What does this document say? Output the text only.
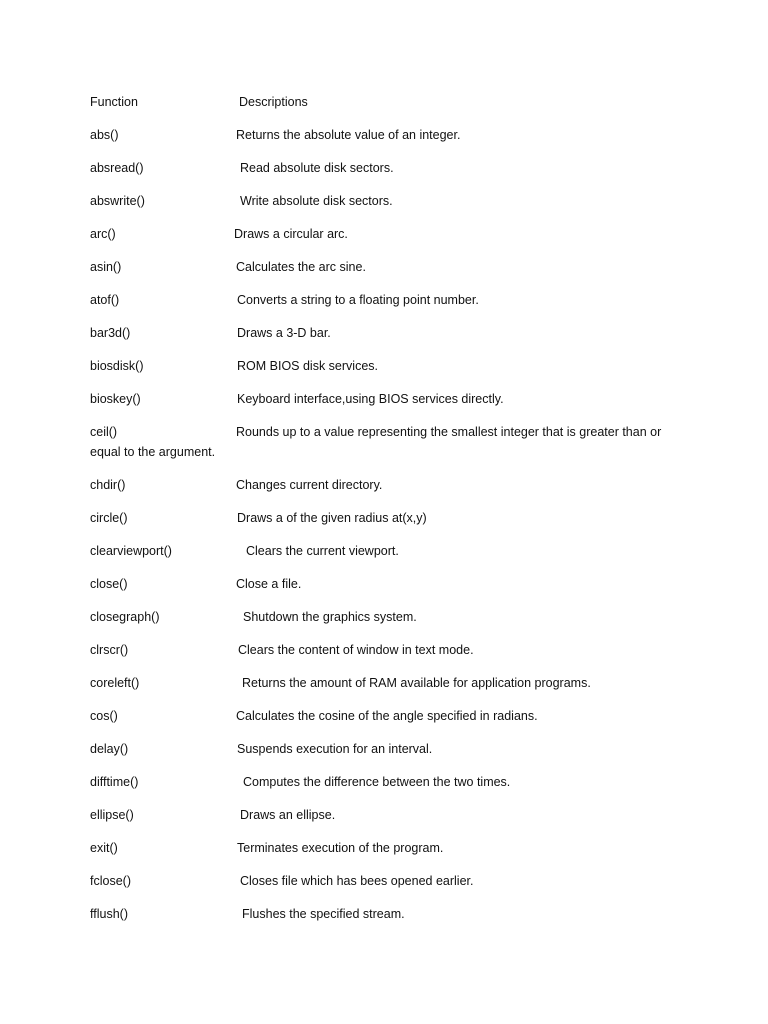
Function	Descriptions
abs()	Returns the absolute value of an integer.
absread()	Read absolute disk sectors.
abswrite()	Write absolute disk sectors.
arc()	Draws a circular arc.
asin()	Calculates the arc sine.
atof()	Converts a string to a floating point number.
bar3d()	Draws a 3-D bar.
biosdisk()	ROM BIOS disk services.
bioskey()	Keyboard interface,using BIOS services directly.
ceil()	Rounds up to a value representing the smallest integer that is greater than or
equal to the argument.
chdir()	Changes current directory.
circle()	Draws a of the given radius at(x,y)
clearviewport()	Clears the current viewport.
close()	Close a file.
closegraph()	Shutdown the graphics system.
clrscr()	Clears the content of window in text mode.
coreleft()	Returns the amount of RAM available for application programs.
cos()	Calculates the cosine of the angle specified in radians.
delay()	Suspends execution for an interval.
difftime()	Computes the difference between the two times.
ellipse()	Draws an ellipse.
exit()	Terminates execution of the program.
fclose()	Closes file which has bees opened earlier.
fflush()	Flushes the specified stream.
